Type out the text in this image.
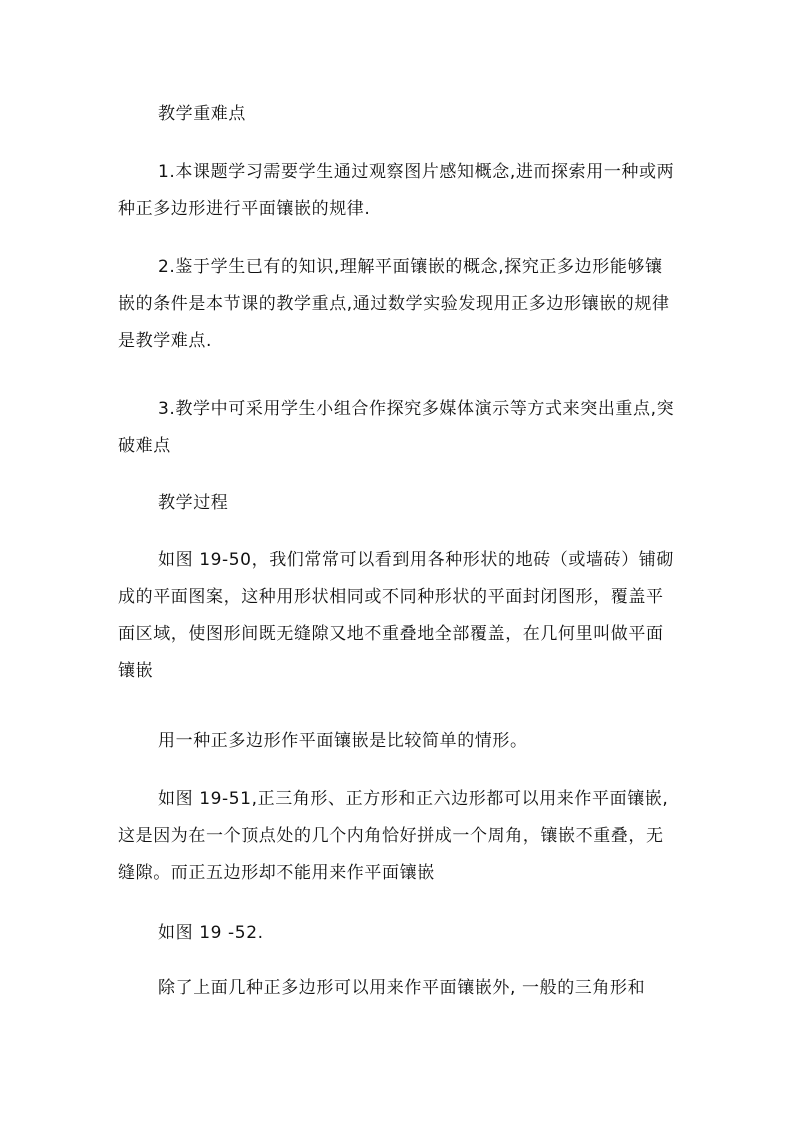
教学重难点

1.本课题学习需要学生通过观察图片感知概念,进而探索用一种或两种正多边形进行平面镶嵌的规律.

2.鉴于学生已有的知识,理解平面镶嵌的概念,探究正多边形能够镶嵌的条件是本节课的教学重点,通过数学实验发现用正多边形镶嵌的规律是教学难点.

3.教学中可采用学生小组合作探究多媒体演示等方式来突出重点,突破难点

教学过程

如图 19-50，我们常常可以看到用各种形状的地砖（或墙砖）铺砌成的平面图案，这种用形状相同或不同种形状的平面封闭图形，覆盖平面区域，使图形间既无缝隙又地不重叠地全部覆盖，在几何里叫做平面镶嵌

用一种正多边形作平面镶嵌是比较简单的情形。

如图 19-51,正三角形、正方形和正六边形都可以用来作平面镶嵌,这是因为在一个顶点处的几个内角恰好拼成一个周角，镶嵌不重叠，无缝隙。而正五边形却不能用来作平面镶嵌

如图 19 -52.

除了上面几种正多边形可以用来作平面镶嵌外, 一般的三角形和
